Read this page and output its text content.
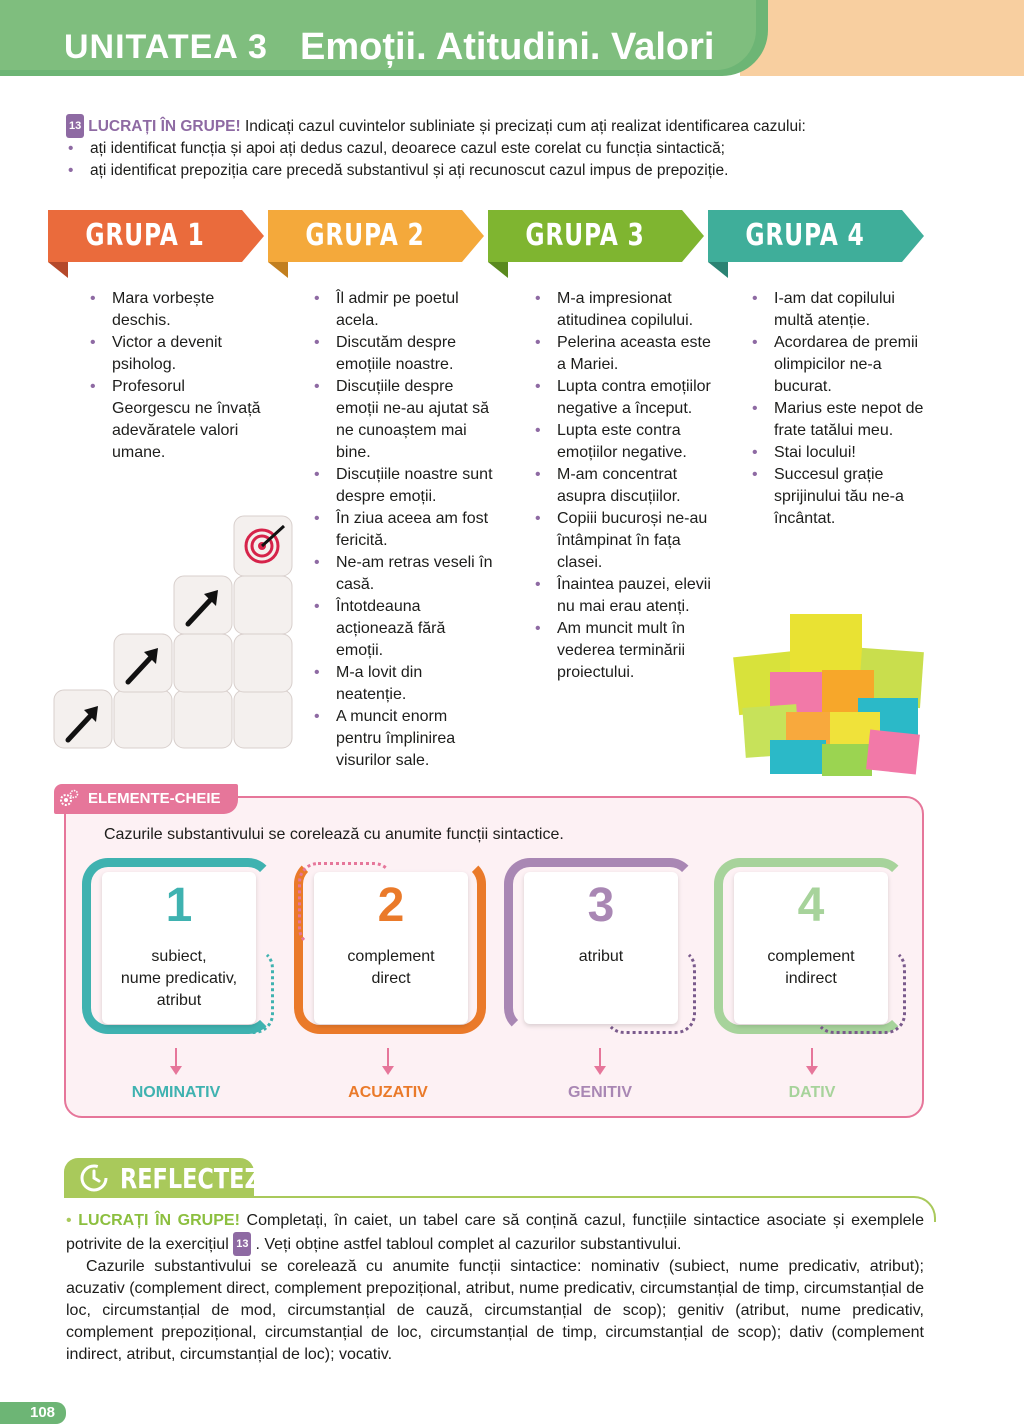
UNITATEA 3 Emoții. Atitudini. Valori
13 LUCRAȚI ÎN GRUPE! Indicați cazul cuvintelor subliniate și precizați cum ați realizat identificarea cazului:
• ați identificat funcția și apoi ați dedus cazul, deoarece cazul este corelat cu funcția sintactică;
• ați identificat prepoziția care precedă substantivul și ați recunoscut cazul impus de prepoziție.
GRUPA 1	GRUPA 2	GRUPA 3	GRUPA 4
• Mara vorbește deschis.
• Victor a devenit psiholog.
• Profesorul Georgescu ne învață adevăratele valori umane.
• Îl admir pe poetul acela.
• Discutăm despre emoțiile noastre.
• Discuțiile despre emoții ne-au ajutat să ne cunoaștem mai bine.
• Discuțiile noastre sunt despre emoții.
• În ziua aceea am fost fericită.
• Ne-am retras veseli în casă.
• Întotdeauna acționează fără emoții.
• M-a lovit din neatenție.
• A muncit enorm pentru împlinirea visurilor sale.
• M-a impresionat atitudinea copilului.
• Pelerina aceasta este a Mariei.
• Lupta contra emoțiilor negative a început.
• Lupta este contra emoțiilor negative.
• M-am concentrat asupra discuțiilor.
• Copiii bucuroși ne-au întâmpinat în fața clasei.
• Înaintea pauzei, elevii nu mai erau atenți.
• Am muncit mult în vederea terminării proiectului.
• I-am dat copilului multă atenție.
• Acordarea de premii olimpicilor ne-a bucurat.
• Marius este nepot de frate tatălui meu.
• Stai locului!
• Succesul grație sprijinului tău ne-a încântat.
ELEMENTE-CHEIE
Cazurile substantivului se corelează cu anumite funcții sintactice.
1
subiect,
nume predicativ,
atribut
2
complement
direct
3
atribut
4
complement
indirect
NOMINATIV	ACUZATIV	GENITIV	DATIV
REFLECTEZ

• LUCRAȚI ÎN GRUPE! Completați, în caiet, un tabel care să conțină cazul, funcțiile sintactice asociate și exemplele potrivite de la exercițiul 13 . Veți obține astfel tabloul complet al cazurilor substantivului.

Cazurile substantivului se corelează cu anumite funcții sintactice: nominativ (subiect, nume predicativ, atribut); acuzativ (complement direct, complement prepozițional, atribut, nume predicativ, circumstanțial de timp, circumstanțial de loc, circumstanțial de mod, circumstanțial de cauză, circumstanțial de scop); genitiv (atribut, nume predicativ, complement prepozițional, circumstanțial de loc, circumstanțial de timp, circumstanțial de scop); dativ (complement indirect, atribut, circumstanțial de loc); vocativ.

108
